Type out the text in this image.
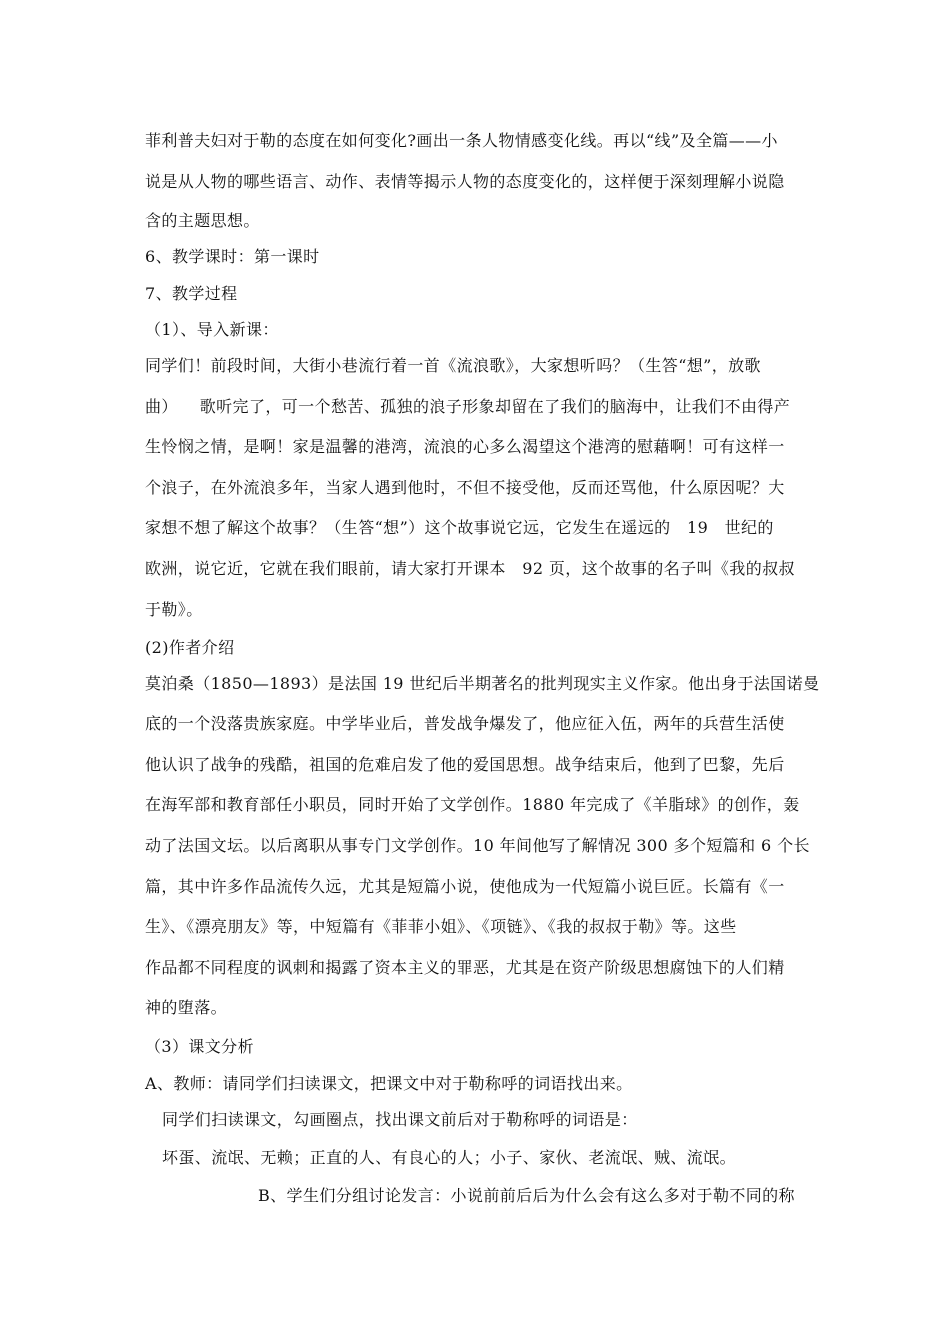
菲利普夫妇对于勒的态度在如何变化?画出一条人物情感变化线。再以“线”及全篇——小
说是从人物的哪些语言、动作、表情等揭示人物的态度变化的，这样便于深刻理解小说隐
含的主题思想。
6、教学课时：第一课时
7、教学过程
（1）、导入新课：
同学们！前段时间，大街小巷流行着一首《流浪歌》，大家想听吗？（生答“想”，放歌
曲）    歌听完了，可一个愁苦、孤独的浪子形象却留在了我们的脑海中，让我们不由得产
生怜悯之情，是啊！家是温馨的港湾，流浪的心多么渴望这个港湾的慰藉啊！可有这样一
个浪子，在外流浪多年，当家人遇到他时，不但不接受他，反而还骂他，什么原因呢？大
家想不想了解这个故事？（生答“想”）这个故事说它远，它发生在遥远的   19   世纪的
欧洲，说它近，它就在我们眼前，请大家打开课本   92 页，这个故事的名子叫《我的叔叔
于勒》。
(2)作者介绍
莫泊桑（1850—1893）是法国 19 世纪后半期著名的批判现实主义作家。他出身于法国诺曼
底的一个没落贵族家庭。中学毕业后，普发战争爆发了，他应征入伍，两年的兵营生活使
他认识了战争的残酷，祖国的危难启发了他的爱国思想。战争结束后，他到了巴黎，先后
在海军部和教育部任小职员，同时开始了文学创作。1880 年完成了《羊脂球》的创作，轰
动了法国文坛。以后离职从事专门文学创作。10 年间他写了解情况 300 多个短篇和 6 个长
篇，其中许多作品流传久远，尤其是短篇小说，使他成为一代短篇小说巨匠。长篇有《一
生》、《漂亮朋友》等，中短篇有《菲菲小姐》、《项链》、《我的叔叔于勒》等。这些
作品都不同程度的讽刺和揭露了资本主义的罪恶，尤其是在资产阶级思想腐蚀下的人们精
神的堕落。
（3）课文分析
A、教师：请同学们扫读课文，把课文中对于勒称呼的词语找出来。
同学们扫读课文，勾画圈点，找出课文前后对于勒称呼的词语是：
坏蛋、流氓、无赖；正直的人、有良心的人；小子、家伙、老流氓、贼、流氓。
B、学生们分组讨论发言：小说前前后后为什么会有这么多对于勒不同的称
